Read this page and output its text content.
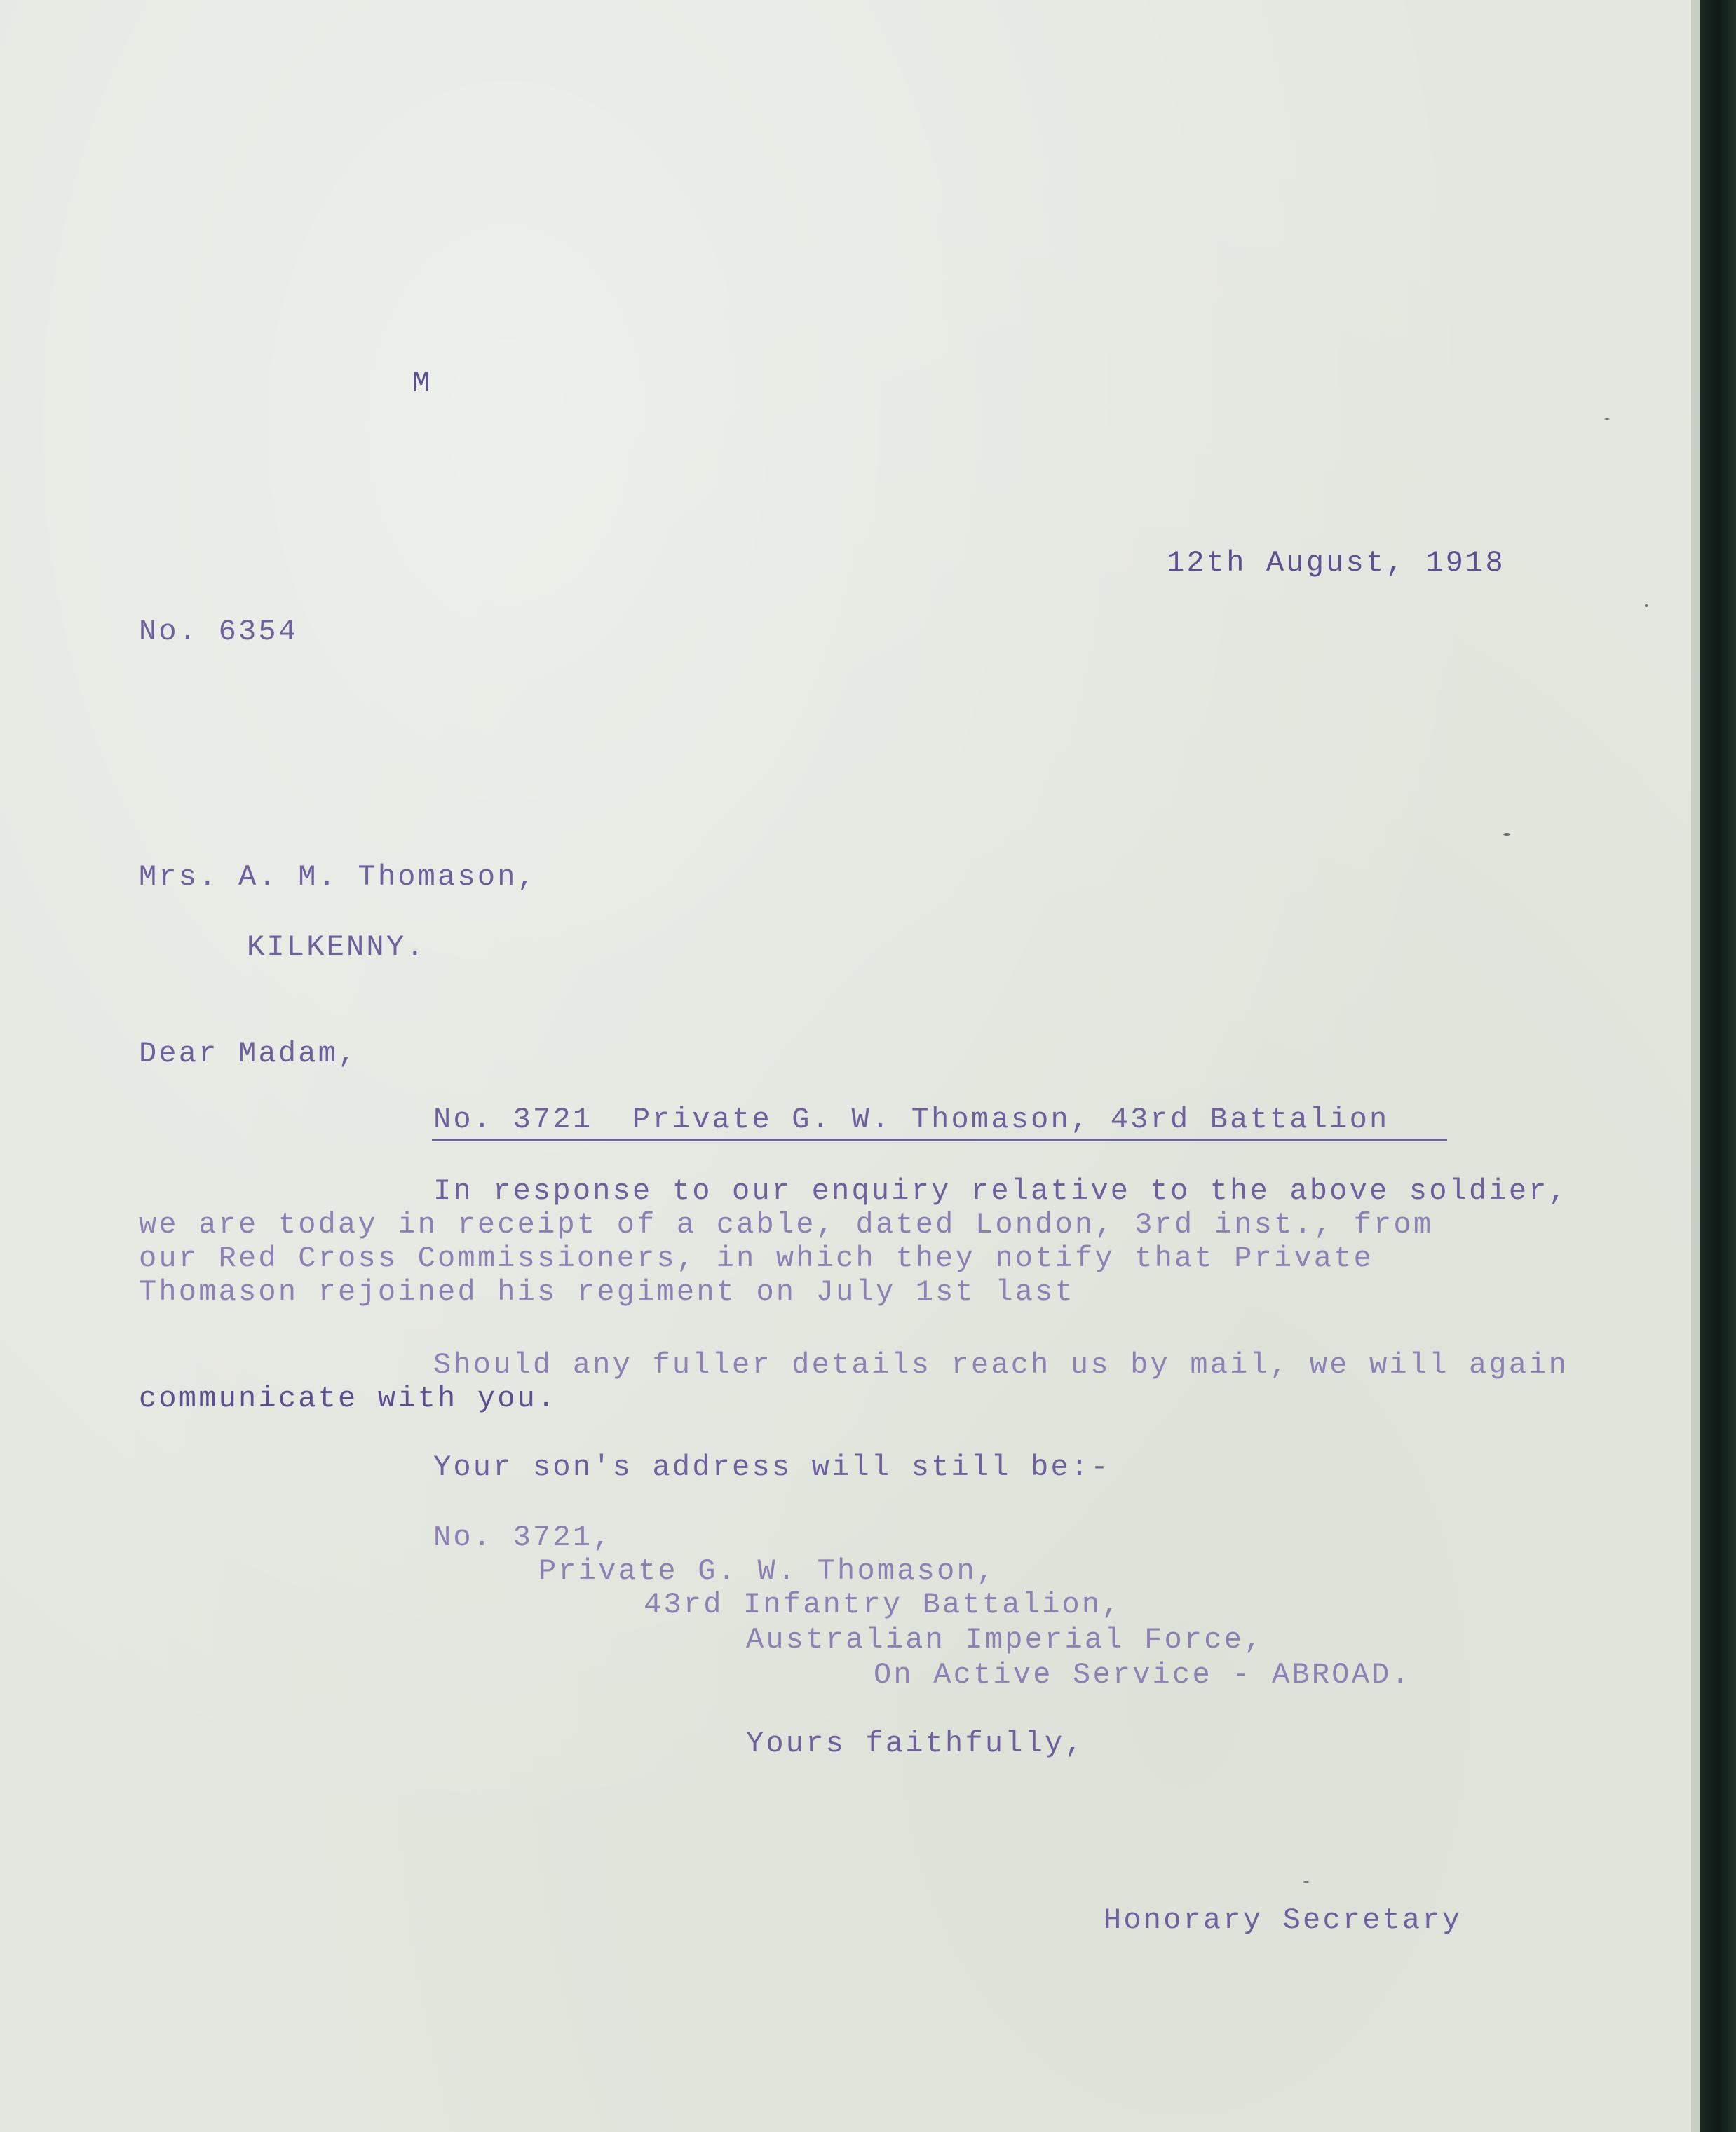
M
12th August, 1918
No. 6354
Mrs. A. M. Thomason,
KILKENNY.
Dear Madam,
No. 3721  Private G. W. Thomason, 43rd Battalion
In response to our enquiry relative to the above soldier,
we are today in receipt of a cable, dated London, 3rd inst., from
our Red Cross Commissioners, in which they notify that Private
Thomason rejoined his regiment on July 1st last
Should any fuller details reach us by mail, we will again
communicate with you.
Your son's address will still be:-
No. 3721,
Private G. W. Thomason,
43rd Infantry Battalion,
Australian Imperial Force,
On Active Service - ABROAD.
Yours faithfully,
Honorary Secretary
